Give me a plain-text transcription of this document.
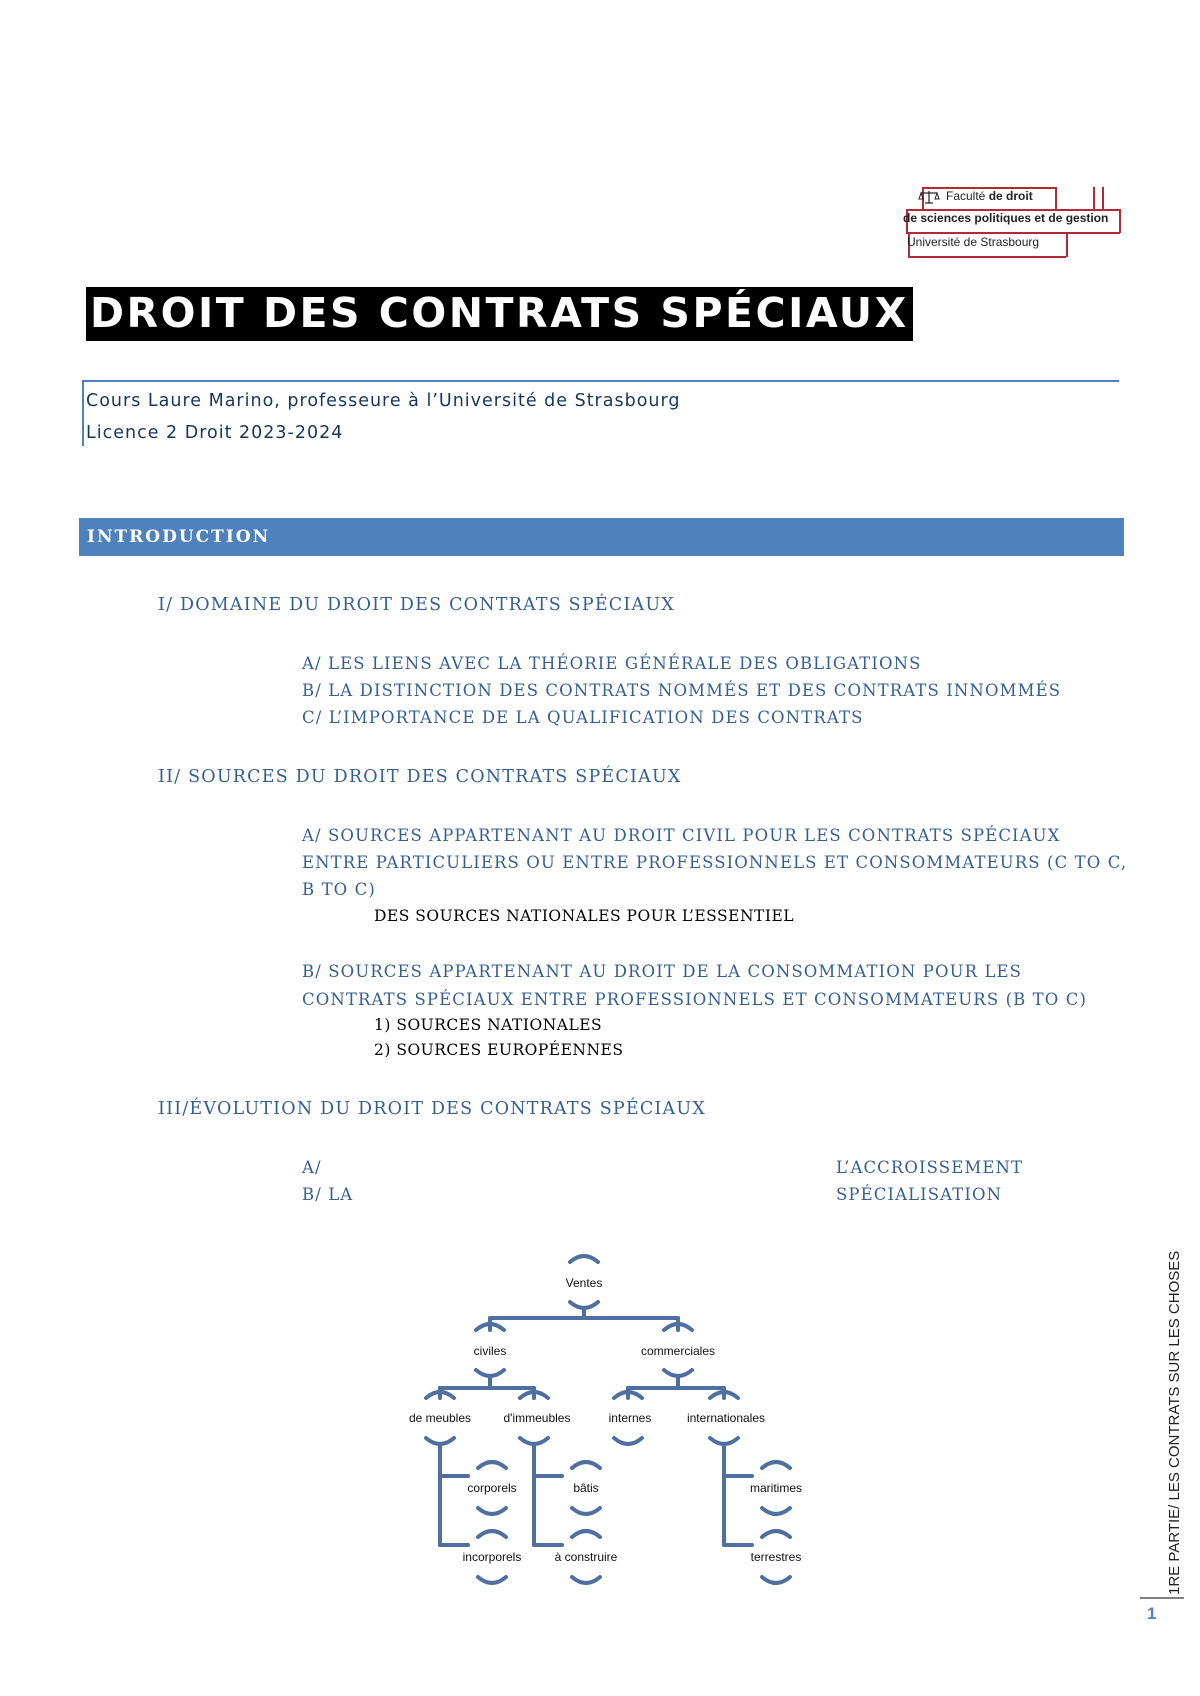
Faculté de droit
de sciences politiques et de gestion
Université de Strasbourg
DROIT DES CONTRATS SPÉCIAUX
Cours Laure Marino, professeure à l’Université de Strasbourg
Licence 2 Droit 2023-2024
INTRODUCTION
I/ DOMAINE DU DROIT DES CONTRATS SPÉCIAUX
A/ LES LIENS AVEC LA THÉORIE GÉNÉRALE DES OBLIGATIONS
B/ LA DISTINCTION DES CONTRATS NOMMÉS ET DES CONTRATS INNOMMÉS
C/ L’IMPORTANCE DE LA QUALIFICATION DES CONTRATS
II/ SOURCES DU DROIT DES CONTRATS SPÉCIAUX
A/ SOURCES APPARTENANT AU DROIT CIVIL POUR LES CONTRATS SPÉCIAUX
ENTRE PARTICULIERS OU ENTRE PROFESSIONNELS ET CONSOMMATEURS (C TO C,
B TO C)
DES SOURCES NATIONALES POUR L’ESSENTIEL
B/ SOURCES APPARTENANT AU DROIT DE LA CONSOMMATION POUR LES
CONTRATS SPÉCIAUX ENTRE PROFESSIONNELS ET CONSOMMATEURS (B TO C)
1) SOURCES NATIONALES
2) SOURCES EUROPÉENNES
III/ÉVOLUTION DU DROIT DES CONTRATS SPÉCIAUX
A/	L’ACCROISSEMENT
B/ LA	SPÉCIALISATION
Ventes
civiles	commerciales
de meubles	d'immeubles	internes	internationales
corporels
incorporels
bâtis
à construire
maritimes
terrestres	1RE PARTIE/ LES CONTRATS SUR LES CHOSES
1
